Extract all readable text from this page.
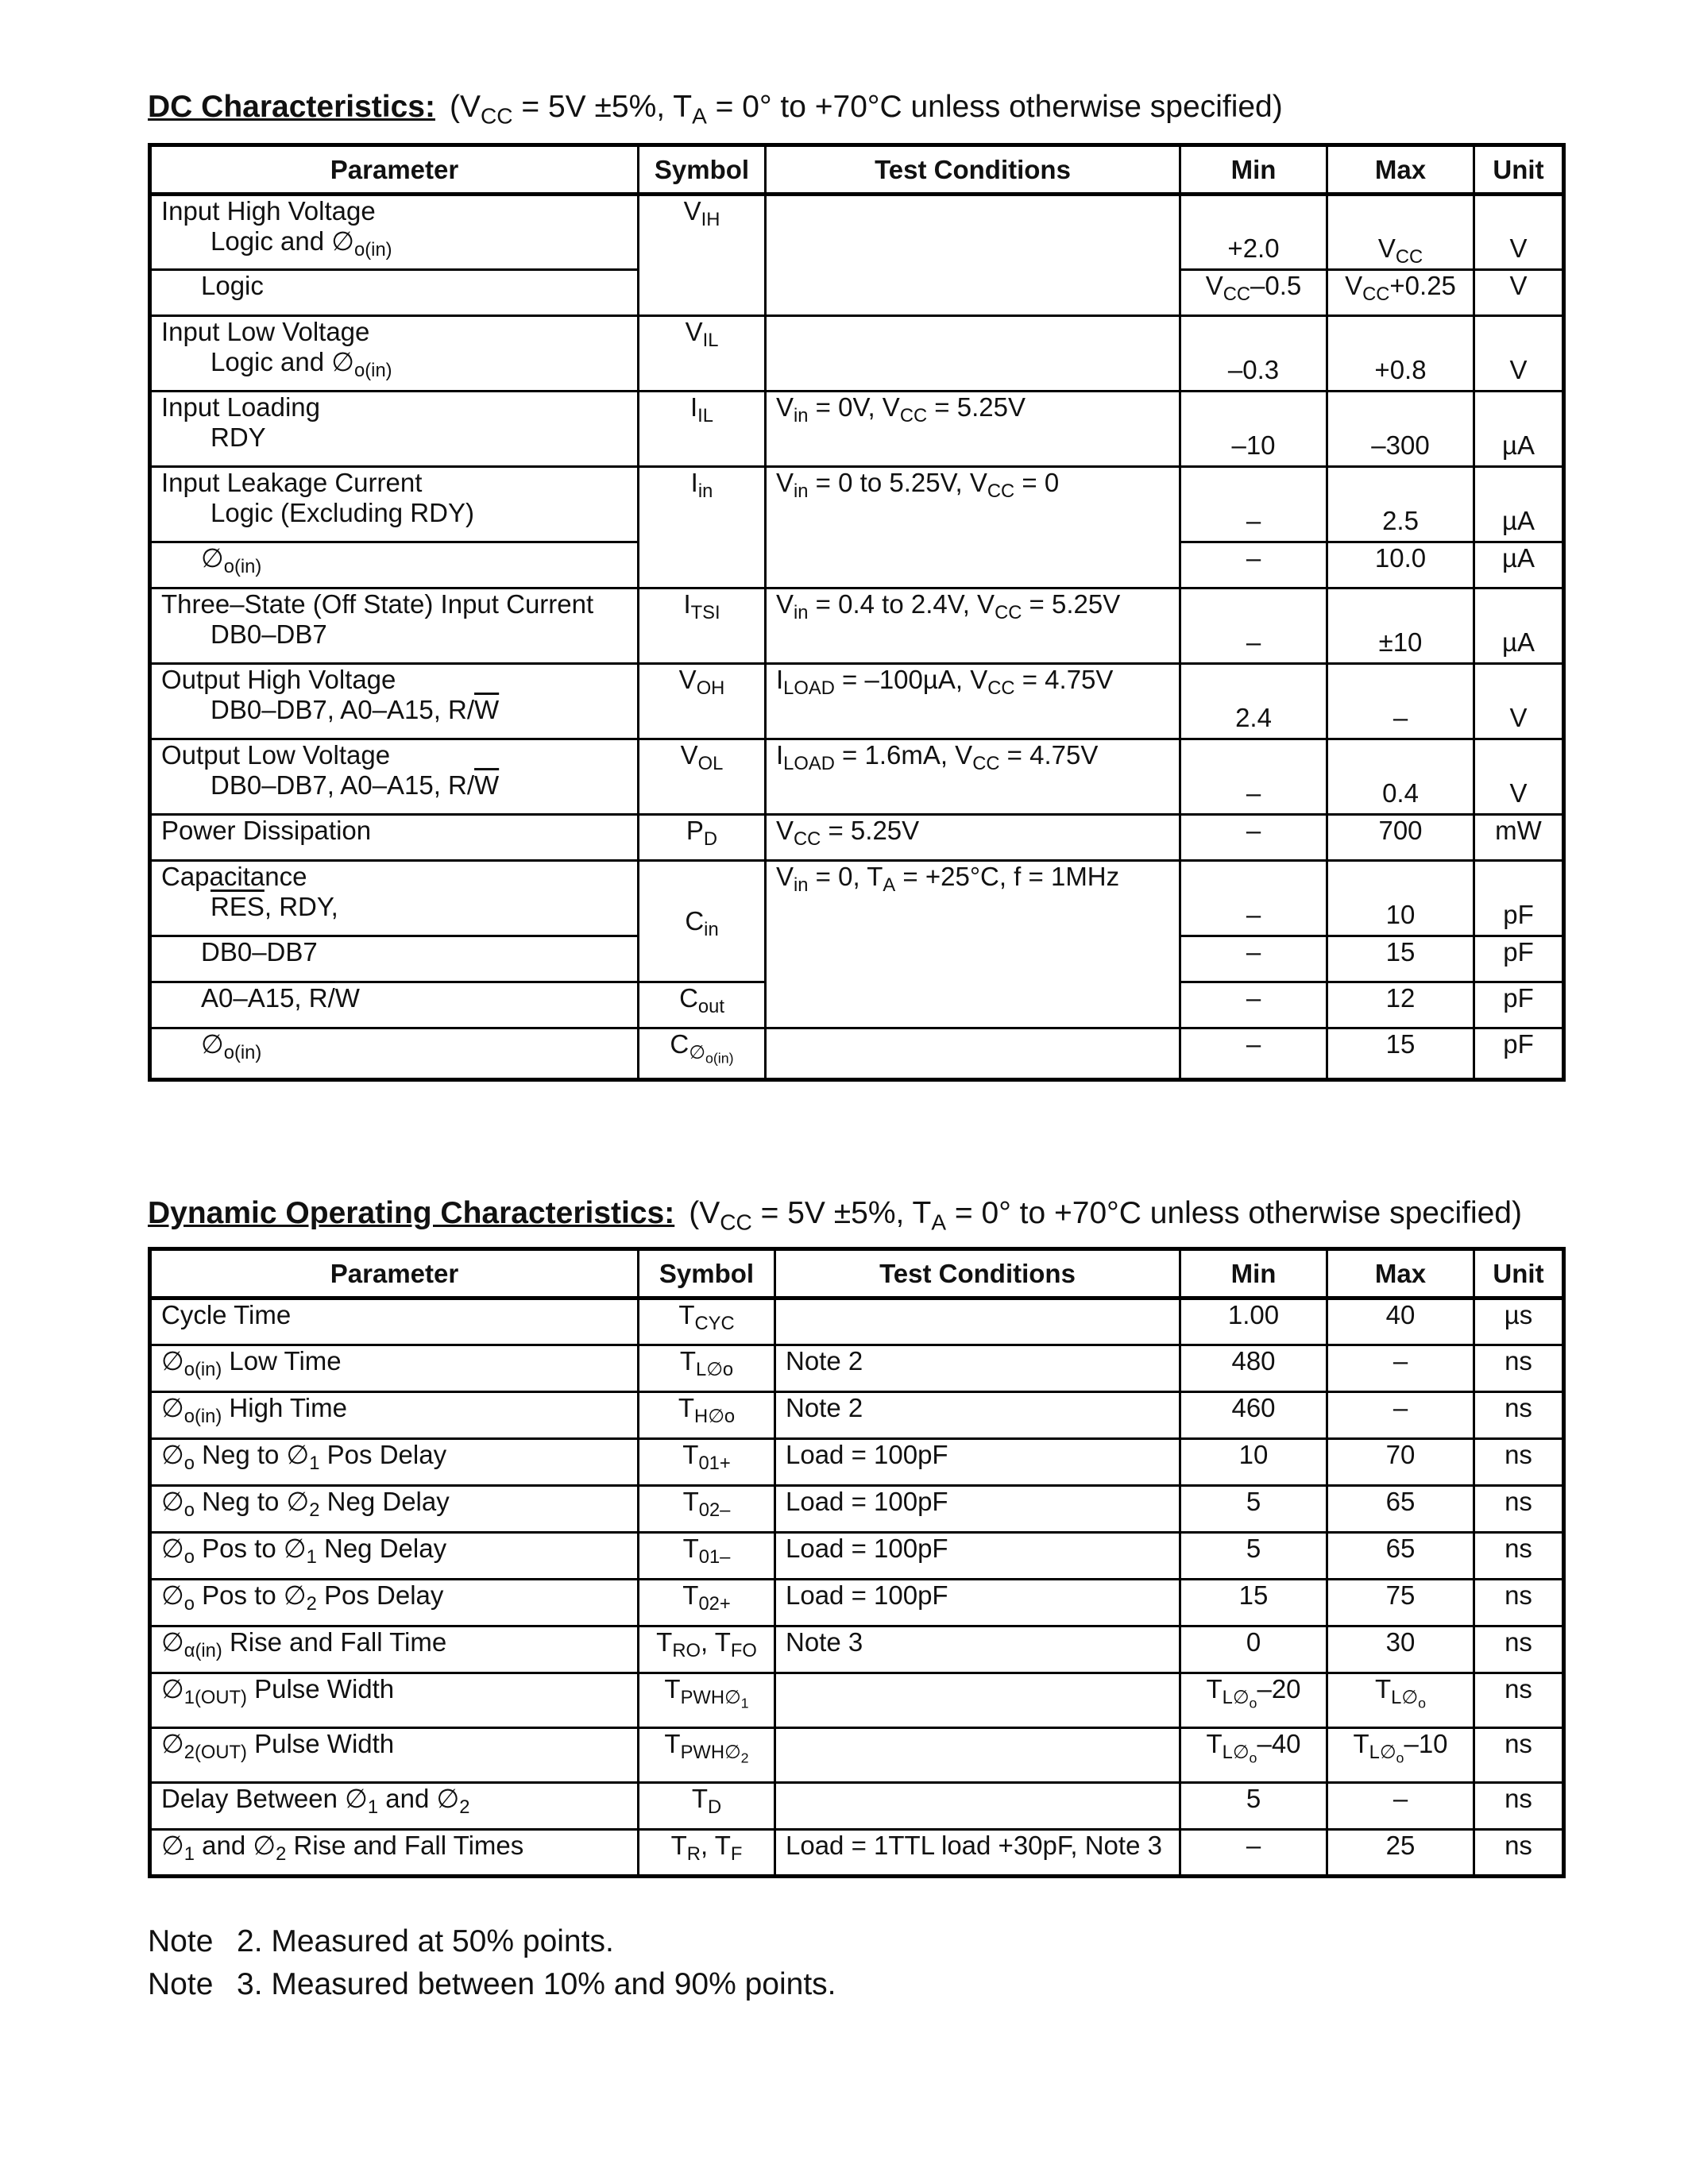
DC Characteristics: ($V_{CC} = 5V \pm 5\%$, $T_A = 0^\circ$ to +70°C unless otherwise specified)
Parameter	Symbol	Test Conditions	Min	Max	Unit

Input High Voltage
Logic and $\emptyset_{o(in)}$	$V_{IH}$		+2.0	$V_{CC}$	V
Logic			$V_{CC}-0.5$	$V_{CC}+0.25$	V

Input Low Voltage
Logic and $\emptyset_{o(in)}$	$V_{IL}$		–0.3	+0.8	V

Input Loading
RDY	$I_{IL}$	$V_{in} = 0V$, $V_{CC} = 5.25V$	–10	–300	µA

Input Leakage Current
Logic (Excluding RDY)	$I_{in}$	$V_{in} = 0$ to 5.25V, $V_{CC} = 0$	–	2.5	µA
$\emptyset_{o(in)}$			–	10.0	µA

Three–State (Off State) Input Current
DB0–DB7	$I_{TSI}$	$V_{in} = 0.4$ to 2.4V, $V_{CC} = 5.25V$	–	±10	µA

Output High Voltage
DB0–DB7, A0–A15, $R/\overline{W}$	$V_{OH}$	$I_{LOAD} = -100\mu A$, $V_{CC} = 4.75V$	2.4	–	V

Output Low Voltage
DB0–DB7, A0–A15, $R/\overline{W}$	$V_{OL}$	$I_{LOAD} = 1.6mA$, $V_{CC} = 4.75V$	–	0.4	V
Power Dissipation	$P_D$	$V_{CC} = 5.25V$	–	700	mW

Capacitance
$\overline{RES}$, RDY,	$C_{in}$	$V_{in} = 0$, $T_A = +25^\circ C$, f = 1MHz	–	10	pF
DB0–DB7			–	15	pF
A0–A15, $R/\overline{W}$	$C_{out}$		–	12	pF
$\emptyset_{o(in)}$	$C_{\emptyset_{o(in)}}$		–	15	pF
Dynamic Operating Characteristics: ($V_{CC} = 5V \pm 5\%$, $T_A = 0^\circ$ to +70°C unless otherwise specified)
Parameter	Symbol	Test Conditions	Min	Max	Unit
Cycle Time	$T_{CYC}$		1.00	40	µs
$\emptyset_{o(in)}$ Low Time	$T_{L\emptyset o}$	Note 2	480	–	ns
$\emptyset_{o(in)}$ High Time	$T_{H\emptyset o}$	Note 2	460	–	ns
$\emptyset_o$ Neg to $\emptyset_1$ Pos Delay	$T_{01+}$	Load = 100pF	10	70	ns
$\emptyset_o$ Neg to $\emptyset_2$ Neg Delay	$T_{02-}$	Load = 100pF	5	65	ns
$\emptyset_o$ Pos to $\emptyset_1$ Neg Delay	$T_{01-}$	Load = 100pF	5	65	ns
$\emptyset_o$ Pos to $\emptyset_2$ Pos Delay	$T_{02+}$	Load = 100pF	15	75	ns
$\emptyset_{\alpha(in)}$ Rise and Fall Time	$T_{RO}$, $T_{FO}$	Note 3	0	30	ns
$\emptyset_{1(OUT)}$ Pulse Width	$T_{PWH\emptyset_1}$		$T_{L\emptyset_o}-20$	$T_{L\emptyset_o}$	ns
$\emptyset_{2(OUT)}$ Pulse Width	$T_{PWH\emptyset_2}$		$T_{L\emptyset_o}-40$	$T_{L\emptyset_o}-10$	ns
Delay Between $\emptyset_1$ and $\emptyset_2$	$T_D$		5	–	ns
$\emptyset_1$ and $\emptyset_2$ Rise and Fall Times	$T_R$, $T_F$	Load = 1TTL load +30pF, Note 3	–	25	ns
Note 2. Measured at 50% points.
Note 3. Measured between 10% and 90% points.
